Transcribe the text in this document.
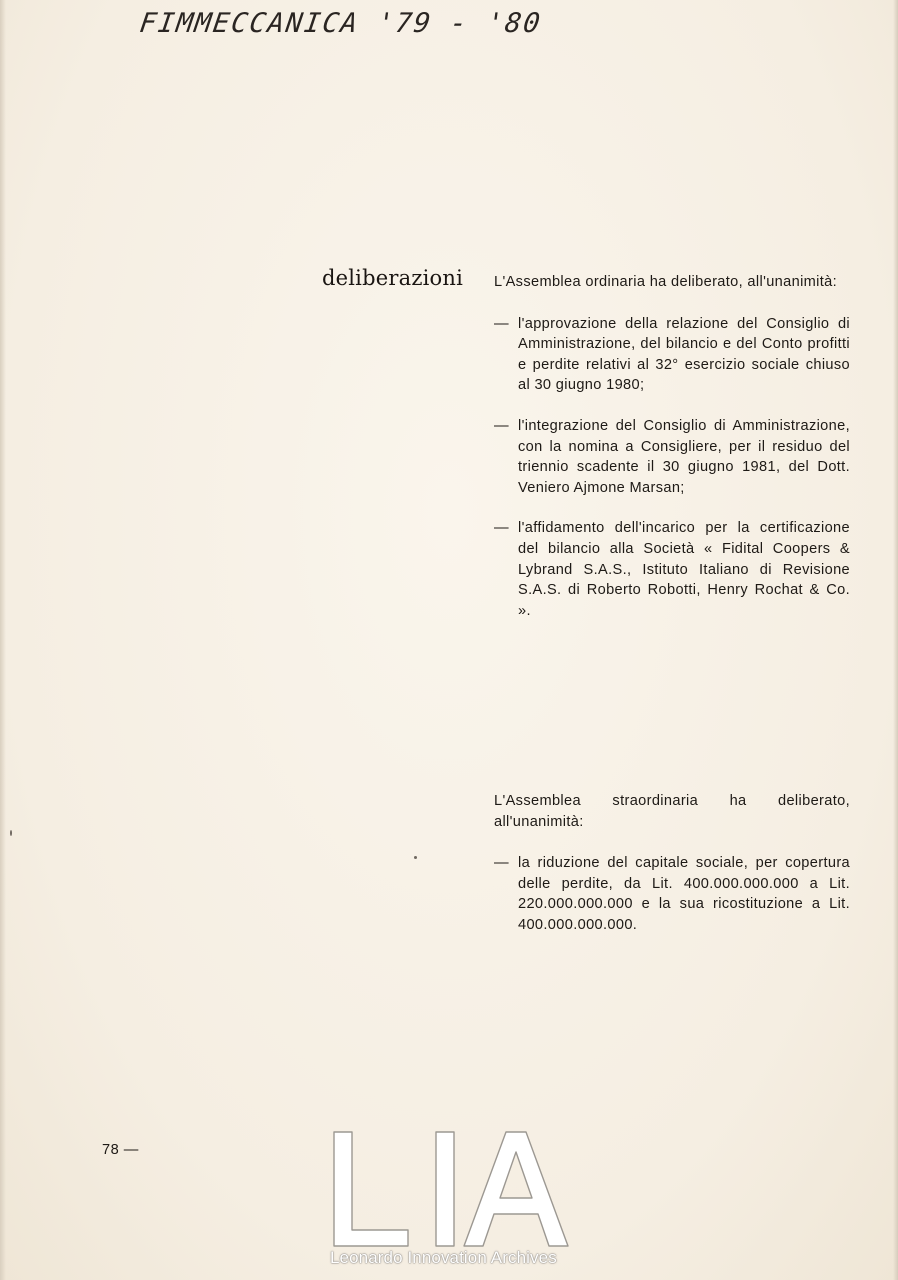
FIMMECCANICA '79 - '80
deliberazioni L'Assemblea ordinaria ha deliberato, all'unanimità:

— l'approvazione della relazione del Consiglio di Amministrazione, del bilancio e del Conto profitti e perdite relativi al 32° esercizio sociale chiuso al 30 giugno 1980;
— l'integrazione del Consiglio di Amministrazione, con la nomina a Consigliere, per il residuo del triennio scadente il 30 giugno 1981, del Dott. Veniero Ajmone Marsan;
— l'affidamento dell'incarico per la certificazione del bilancio alla Società « Fidital Coopers & Lybrand S.A.S., Istituto Italiano di Revisione S.A.S. di Roberto Robotti, Henry Rochat & Co. ».

L'Assemblea straordinaria ha deliberato, all'unanimità:

— la riduzione del capitale sociale, per copertura delle perdite, da Lit. 400.000.000.000 a Lit. 220.000.000.000 e la sua ricostituzione a Lit. 400.000.000.000.
78 —
Leonardo Innovation Archives
